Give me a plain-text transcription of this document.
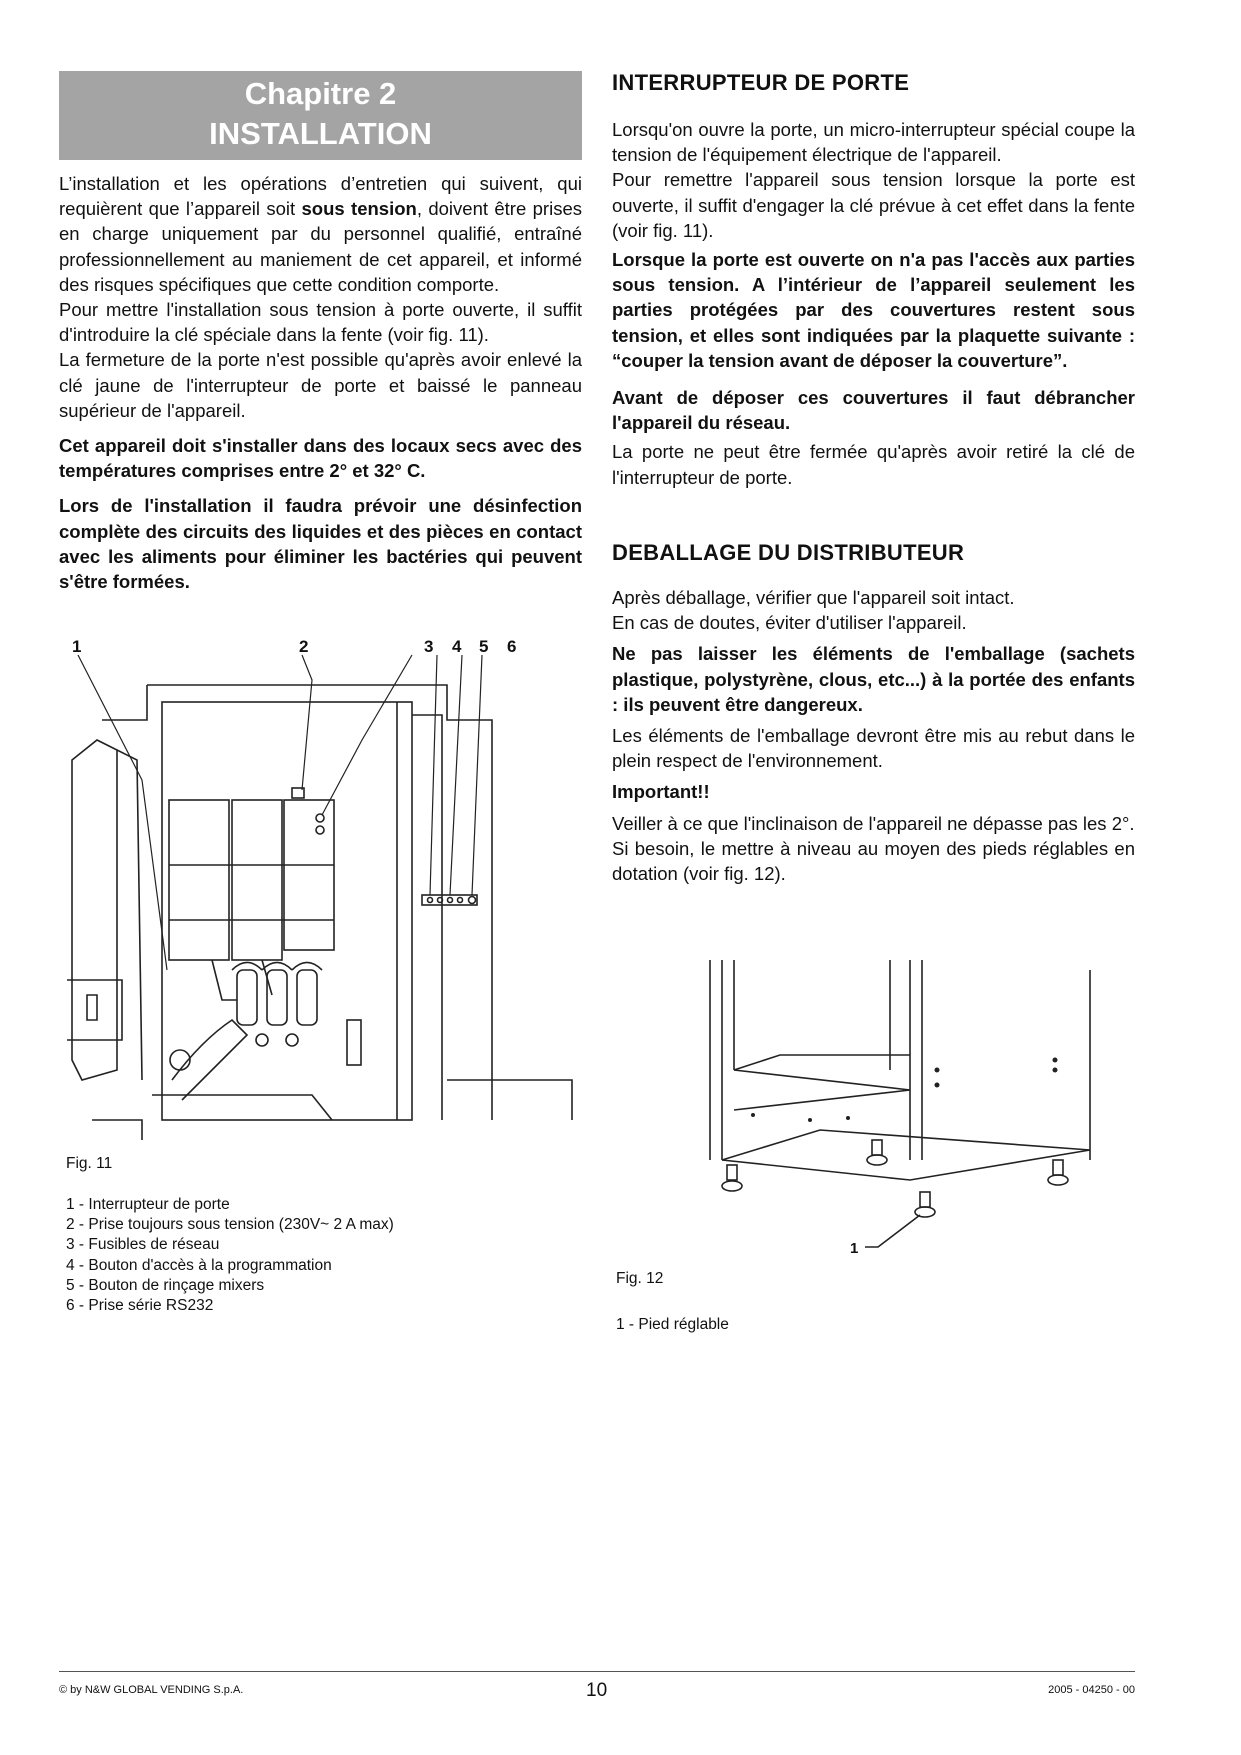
Chapitre 2
INSTALLATION

L’installation et les opérations d’entretien qui suivent, qui requièrent que l’appareil soit sous tension, doivent être prises en charge uniquement par du personnel qualifié, entraîné professionnellement au maniement de cet appareil, et informé des risques spécifiques que cette condition comporte.

Pour mettre l'installation sous tension à porte ouverte, il suffit d'introduire la clé spéciale dans la fente (voir fig. 11).

La fermeture de la porte n'est possible qu'après avoir enlevé la clé jaune de l'interrupteur de porte et baissé le panneau supérieur de l'appareil.

Cet appareil doit s'installer dans des locaux secs avec des températures comprises entre 2° et 32° C.

Lors de l'installation il faudra prévoir une désinfection complète des circuits des liquides et des pièces en contact avec les aliments pour éliminer les bactéries qui peuvent s'être formées.

1	2	3 4 5 6
Fig. 11
1 - Interrupteur de porte
2 - Prise toujours sous tension (230V~ 2 A max)
3 - Fusibles de réseau
4 - Bouton d'accès à la programmation
5 - Bouton de rinçage mixers
6 - Prise série RS232
INTERRUPTEUR DE PORTE

Lorsqu'on ouvre la porte, un micro-interrupteur spécial coupe la tension de l'équipement électrique de l'appareil.

Pour remettre l'appareil sous tension lorsque la porte est ouverte, il suffit d'engager la clé prévue à cet effet dans la fente (voir fig. 11).

Lorsque la porte est ouverte on n'a pas l'accès aux parties sous tension. A l’intérieur de l’appareil seulement les parties protégées par des couvertures restent sous tension, et elles sont indiquées par la plaquette suivante : “couper la tension avant de déposer la couverture”.

Avant de déposer ces couvertures il faut débrancher l'appareil du réseau.

La porte ne peut être fermée qu'après avoir retiré la clé de l'interrupteur de porte.

DEBALLAGE DU DISTRIBUTEUR

Après déballage, vérifier que l'appareil soit intact.

En cas de doutes, éviter d'utiliser l'appareil.

Ne pas laisser les éléments de l'emballage (sachets plastique, polystyrène, clous, etc...) à la portée des enfants : ils peuvent être dangereux.

Les éléments de l'emballage devront être mis au rebut dans le plein respect de l'environnement.

Important!!

Veiller à ce que l'inclinaison de l'appareil ne dépasse pas les 2°.

Si besoin, le mettre à niveau au moyen des pieds réglables en dotation (voir fig. 12).

1
Fig. 12
1 - Pied réglable
© by N&W GLOBAL VENDING S.p.A.	10	2005 - 04250 - 00
